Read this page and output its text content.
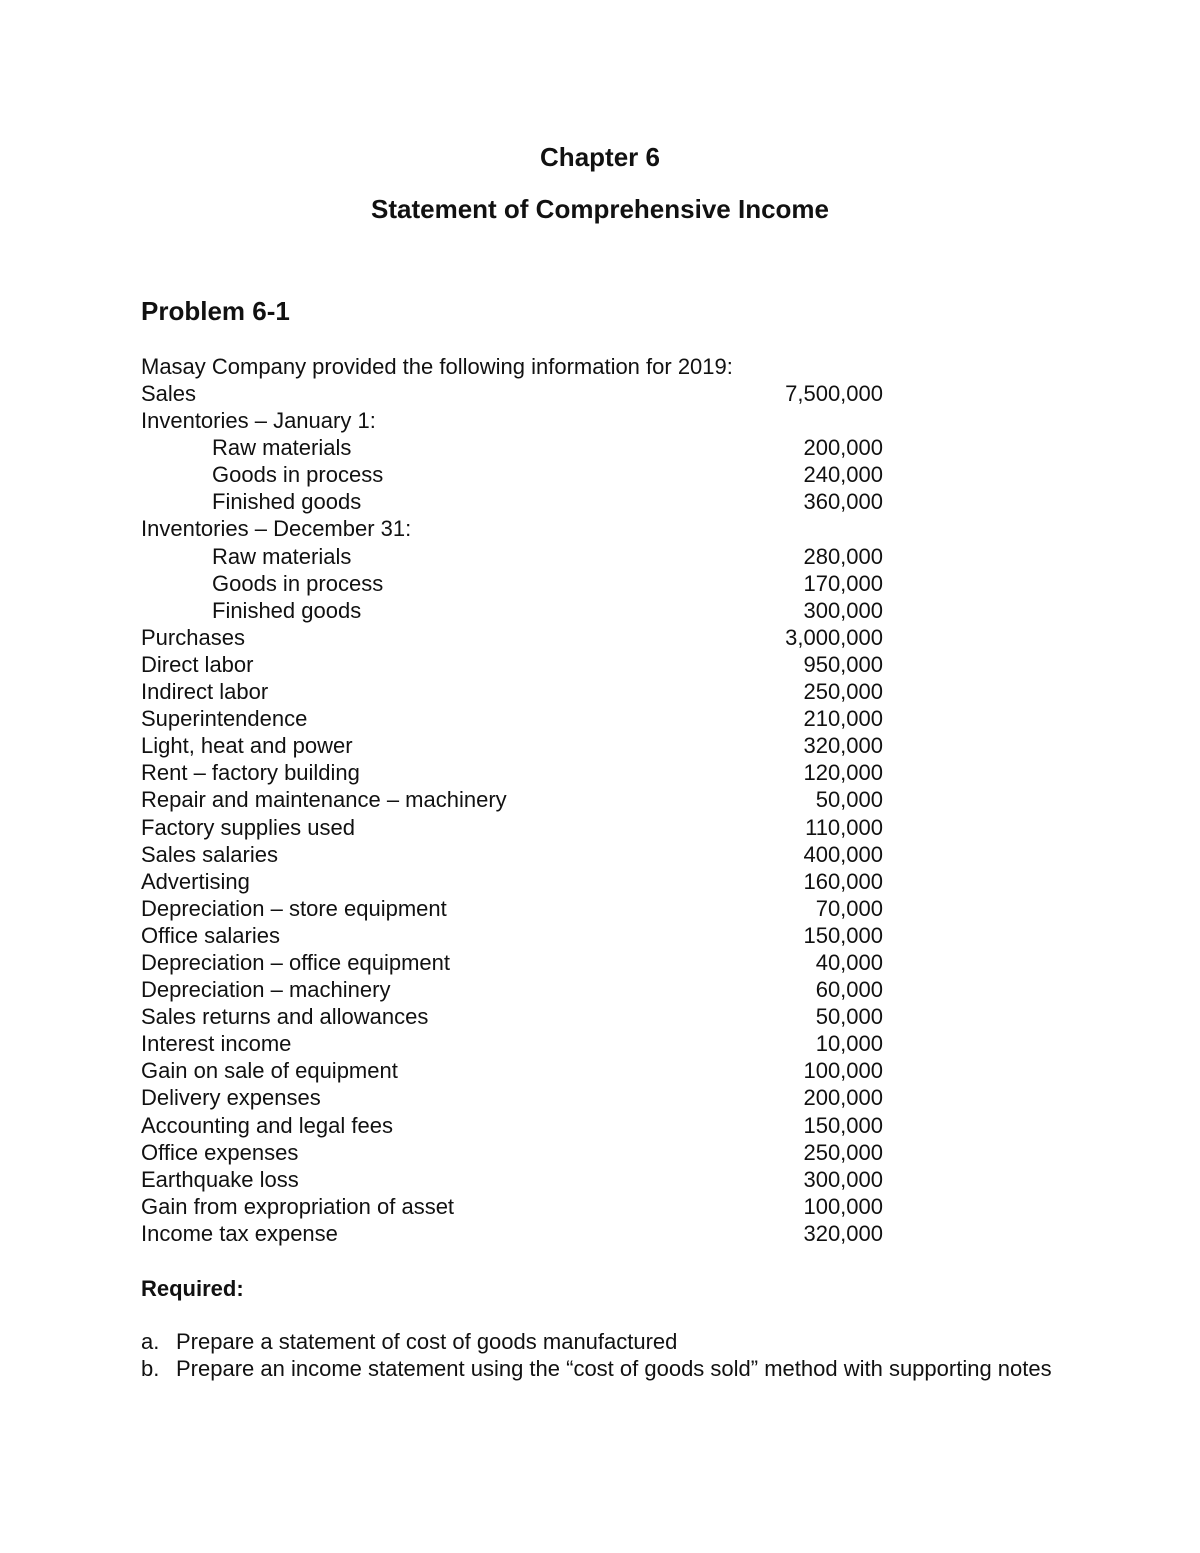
Chapter 6
Statement of Comprehensive Income
Problem 6-1
Masay Company provided the following information for 2019:
Sales	7,500,000
Inventories – January 1:
Raw materials	200,000
Goods in process	240,000
Finished goods	360,000
Inventories – December 31:
Raw materials	280,000
Goods in process	170,000
Finished goods	300,000
Purchases	3,000,000
Direct labor	950,000
Indirect labor	250,000
Superintendence	210,000
Light, heat and power	320,000
Rent – factory building	120,000
Repair and maintenance – machinery	50,000
Factory supplies used	110,000
Sales salaries	400,000
Advertising	160,000
Depreciation – store equipment	70,000
Office salaries	150,000
Depreciation – office equipment	40,000
Depreciation – machinery	60,000
Sales returns and allowances	50,000
Interest income	10,000
Gain on sale of equipment	100,000
Delivery expenses	200,000
Accounting and legal fees	150,000
Office expenses	250,000
Earthquake loss	300,000
Gain from expropriation of asset	100,000
Income tax expense	320,000
Required:
a. Prepare a statement of cost of goods manufactured
b. Prepare an income statement using the “cost of goods sold” method with supporting notes
